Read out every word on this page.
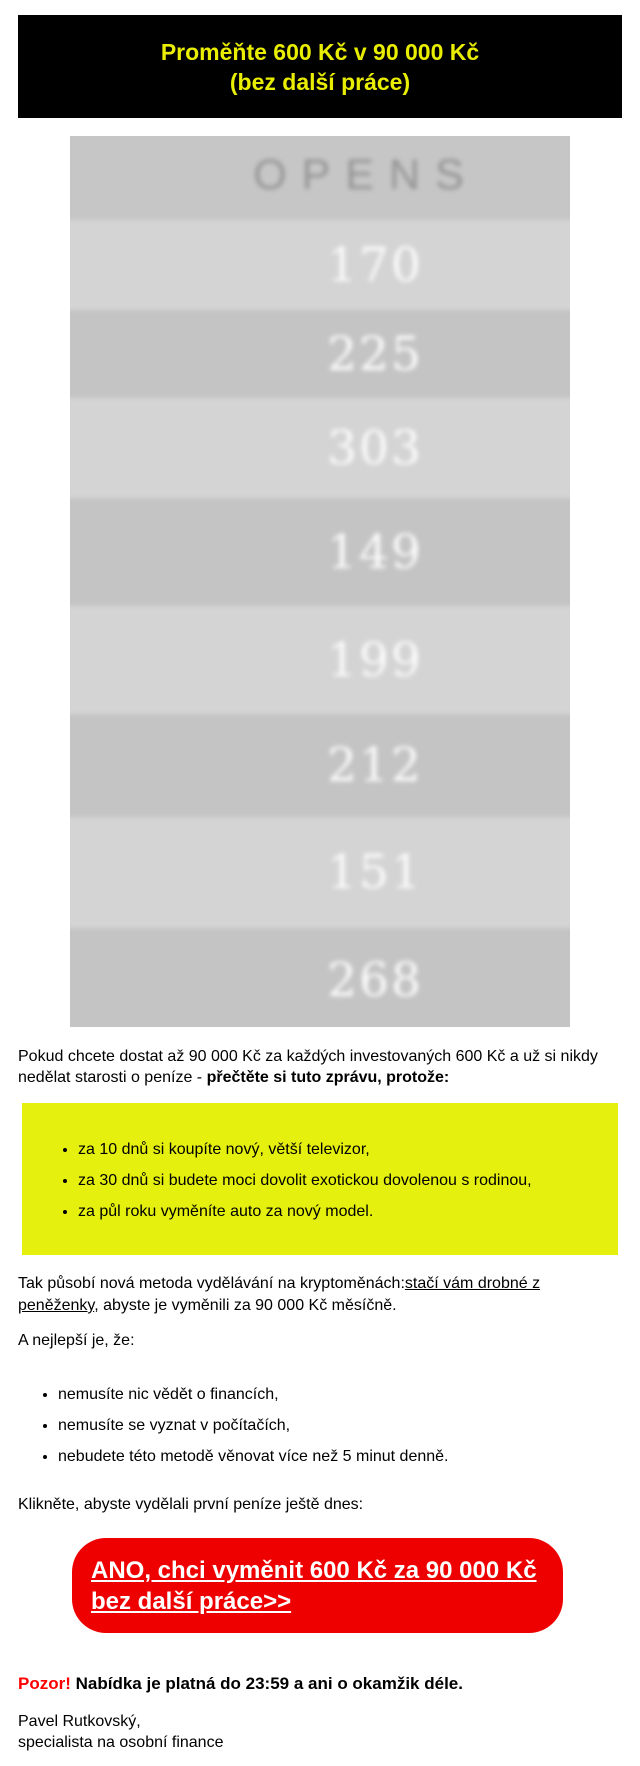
Proměňte 600 Kč v 90 000 Kč
(bez další práce)
OPENS
170
225
303
149
199
212
151
268

Pokud chcete dostat až 90 000 Kč za každých investovaných 600 Kč a už si nikdy nedělat starosti o peníze - přečtěte si tuto zprávu, protože:

• za 10 dnů si koupíte nový, větší televizor,
• za 30 dnů si budete moci dovolit exotickou dovolenou s rodinou,
• za půl roku vyměníte auto za nový model.

Tak působí nová metoda vydělávání na kryptoměnách:stačí vám drobné z peněženky, abyste je vyměnili za 90 000 Kč měsíčně.

A nejlepší je, že:

• nemusíte nic vědět o financích,
• nemusíte se vyznat v počítačích,
• nebudete této metodě věnovat více než 5 minut denně.

Klikněte, abyste vydělali první peníze ještě dnes:

ANO, chci vyměnit 600 Kč za 90 000 Kč bez další práce>>

Pozor! Nabídka je platná do 23:59 a ani o okamžik déle.

Pavel Rutkovský,
specialista na osobní finance
